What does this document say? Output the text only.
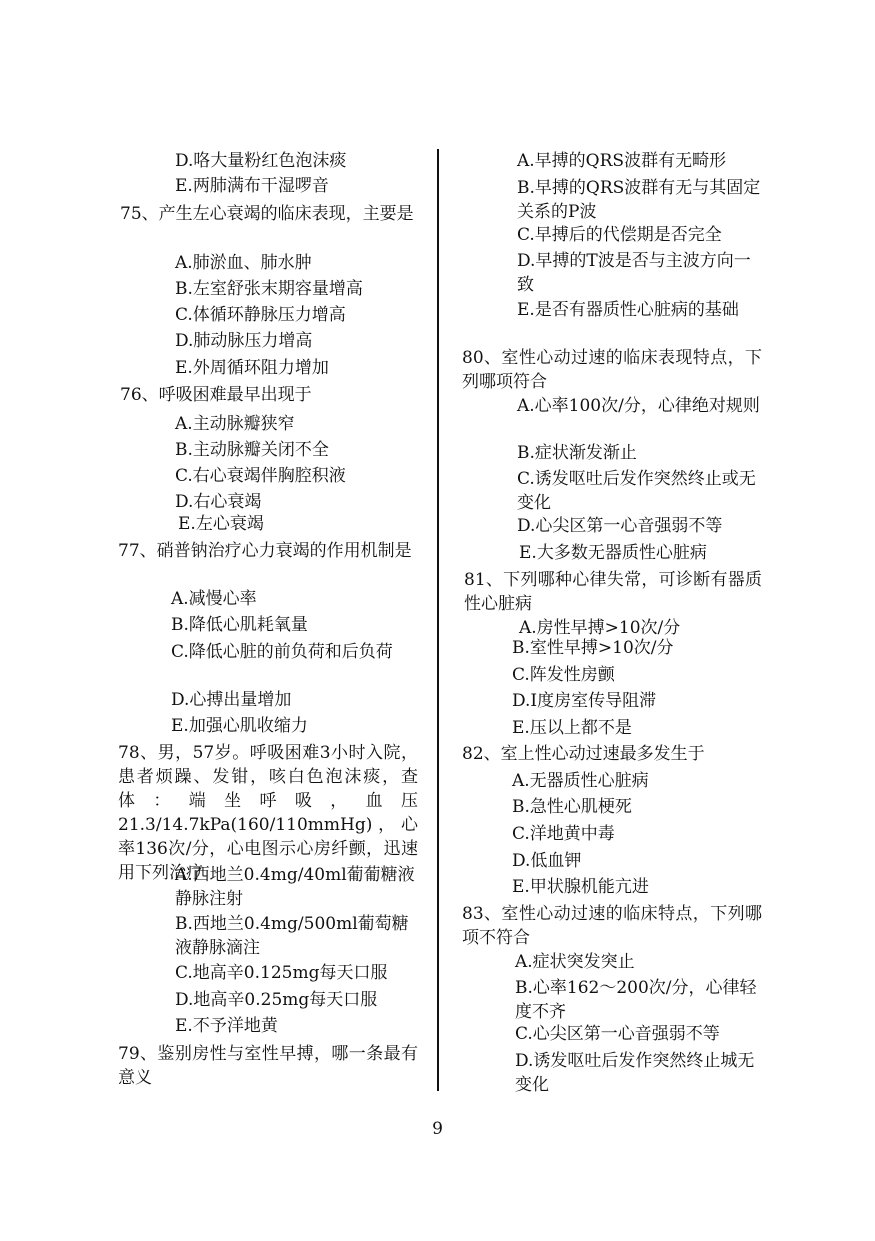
D.咯大量粉红色泡沫痰
E.两肺满布干湿啰音
75、产生左心衰竭的临床表现，主要是
A.肺淤血、肺水肿
B.左室舒张末期容量增高
C.体循环静脉压力增高
D.肺动脉压力增高
E.外周循环阻力增加
76、呼吸困难最早出现于
A.主动脉瓣狭窄
B.主动脉瓣关闭不全
C.右心衰竭伴胸腔积液
D.右心衰竭
E.左心衰竭
77、硝普钠治疗心力衰竭的作用机制是
A.减慢心率
B.降低心肌耗氧量
C.降低心脏的前负荷和后负荷
D.心搏出量增加
E.加强心肌收缩力
78、男，57岁。呼吸困难3小时入院，患者烦躁、发钳，咳白色泡沫痰，查体：端坐呼吸，血压21.3/14.7kPa(160/110mmHg)，心率136次/分，心电图示心房纤颤，迅速用下列治疗
A.西地兰0.4mg/40ml葡葡糖液静脉注射
B.西地兰0.4mg/500ml葡萄糖液静脉滴注
C.地高辛0.125mg每天口服
D.地高辛0.25mg每天口服
E.不予洋地黄
79、鉴别房性与室性早搏，哪一条最有意义
A.早搏的QRS波群有无畸形
B.早搏的QRS波群有无与其固定关系的P波
C.早搏后的代偿期是否完全
D.早搏的T波是否与主波方向一致
E.是否有器质性心脏病的基础
80、室性心动过速的临床表现特点，下列哪项符合
A.心率100次/分，心律绝对规则
B.症状渐发渐止
C.诱发呕吐后发作突然终止或无变化
D.心尖区第一心音强弱不等
E.大多数无器质性心脏病
81、下列哪种心律失常，可诊断有器质性心脏病
A.房性早搏>10次/分
B.室性早搏>10次/分
C.阵发性房颤
D.I度房室传导阻滞
E.压以上都不是
82、室上性心动过速最多发生于
A.无器质性心脏病
B.急性心肌梗死
C.洋地黄中毒
D.低血钾
E.甲状腺机能亢进
83、室性心动过速的临床特点，下列哪项不符合
A.症状突发突止
B.心率162～200次/分，心律轻度不齐
C.心尖区第一心音强弱不等
D.诱发呕吐后发作突然终止城无变化
9
